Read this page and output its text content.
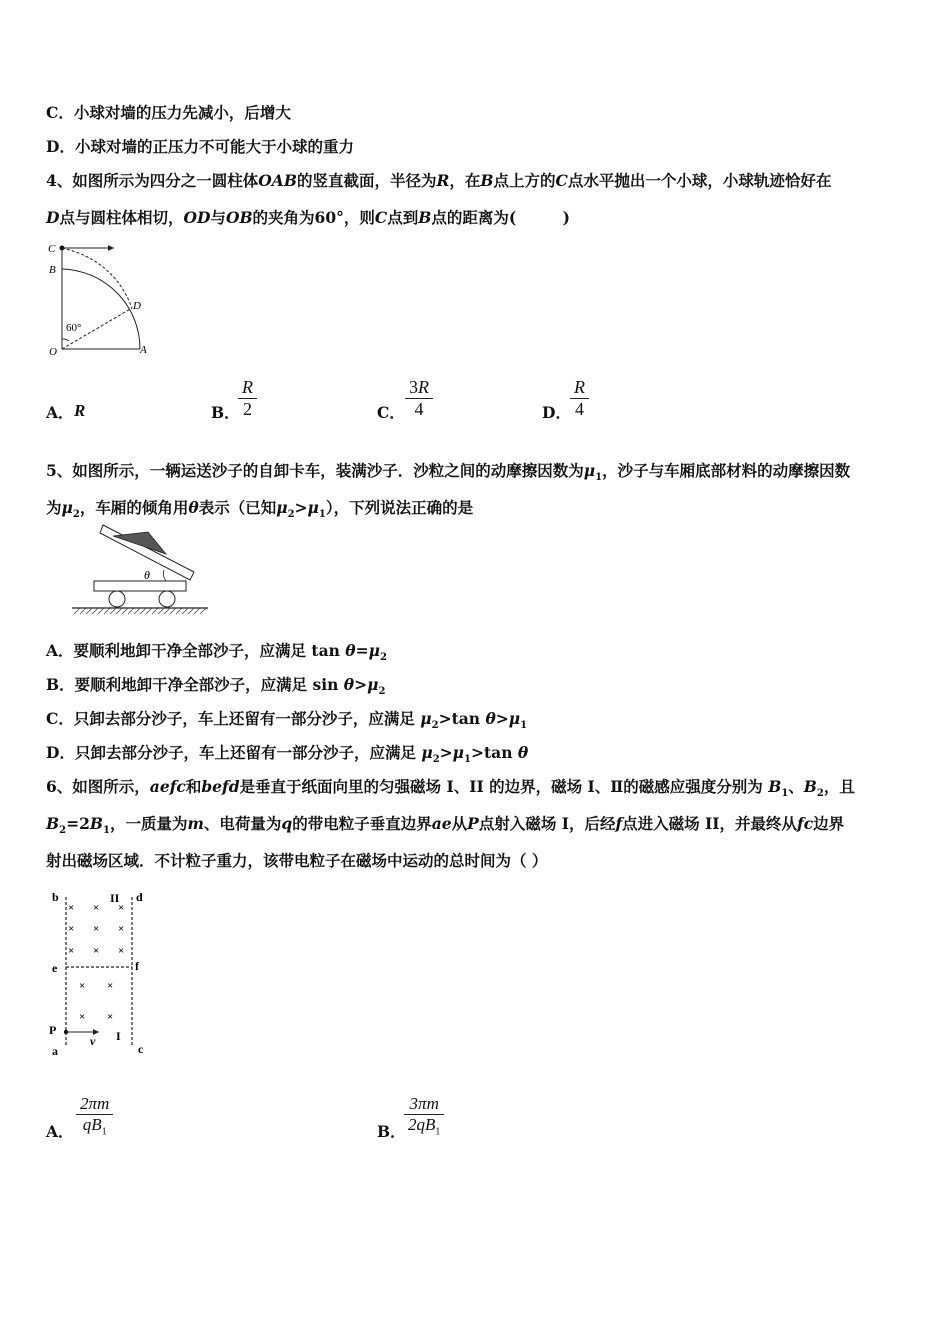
C．小球对墙的压力先减小，后增大
D．小球对墙的正压力不可能大于小球的重力
4、如图所示为四分之一圆柱体OAB的竖直截面，半径为R，在B点上方的C点水平抛出一个小球，小球轨迹恰好在
D点与圆柱体相切，OD与OB的夹角为60°，则C点到B点的距离为(　　　)
C
B
D
O	A
60°
A． R	B．
$\frac{R}{2}$	C． $\frac{3R}{4}$	D． $\frac{R}{4}$
5、如图所示，一辆运送沙子的自卸卡车，装满沙子．沙粒之间的动摩擦因数为$\mu_1$，沙子与车厢底部材料的动摩擦因数
为$\mu_2$，车厢的倾角用θ表示（已知$\mu_2>\mu_1$），下列说法正确的是
θ
A．要顺利地卸干净全部沙子，应满足 $\tan \theta=\mu_2$
B．要顺利地卸干净全部沙子，应满足 $\sin \theta>\mu_2$
C．只卸去部分沙子，车上还留有一部分沙子，应满足 $\mu_2>\tan$ $\theta>\mu_1$
D．只卸去部分沙子，车上还留有一部分沙子，应满足 $\mu_2>\mu_1>\tan$ θ
6、如图所示，aefc和befd是垂直于纸面向里的匀强磁场 I、II 的边界，磁场 I、Ⅱ的磁感应强度分别为 $B_1$、$B_2$，且
$B_2=2B_1$，一质量为m、电荷量为q的带电粒子垂直边界ae从P点射入磁场 I，后经f点进入磁场 II，并最终从fc边界
射出磁场区域．不计粒子重力，该带电粒子在磁场中运动的总时间为（ ）
× × ×
× × ×
× × ×
× ×
× ×
b	d
II
e	f
P
a	c
I
v
A． $\frac{2\pi m}{qB_1}$	B．
$\frac{3\pi m}{2qB_1}$
